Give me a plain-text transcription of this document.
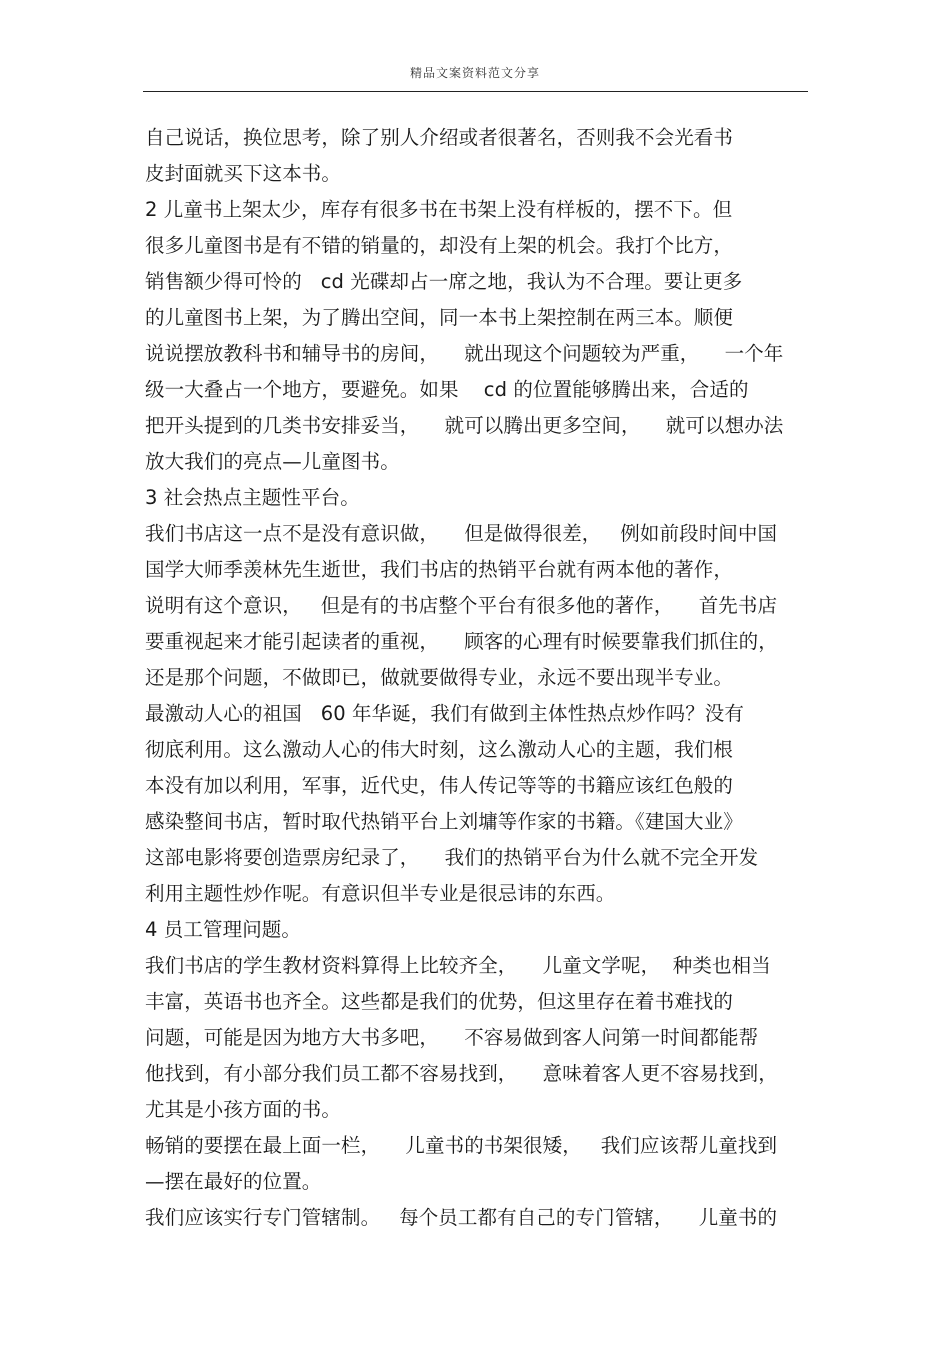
精品文案资料范文分享
自己说话，换位思考，除了别人介绍或者很著名，否则我不会光看书
皮封面就买下这本书。
2 儿童书上架太少，库存有很多书在书架上没有样板的，摆不下。但
很多儿童图书是有不错的销量的，却没有上架的机会。我打个比方，
销售额少得可怜的   cd 光碟却占一席之地，我认为不合理。要让更多
的儿童图书上架，为了腾出空间，同一本书上架控制在两三本。顺便
说说摆放教科书和辅导书的房间，    就出现这个问题较为严重，    一个年
级一大叠占一个地方，要避免。如果    cd 的位置能够腾出来，合适的
把开头提到的几类书安排妥当，    就可以腾出更多空间，    就可以想办法
放大我们的亮点—儿童图书。
3 社会热点主题性平台。
我们书店这一点不是没有意识做，    但是做得很差，   例如前段时间中国
国学大师季羡林先生逝世，我们书店的热销平台就有两本他的著作，
说明有这个意识，   但是有的书店整个平台有很多他的著作，    首先书店
要重视起来才能引起读者的重视，    顾客的心理有时候要靠我们抓住的，
还是那个问题，不做即已，做就要做得专业，永远不要出现半专业。
最激动人心的祖国   60 年华诞，我们有做到主体性热点炒作吗？没有
彻底利用。这么激动人心的伟大时刻，这么激动人心的主题，我们根
本没有加以利用，军事，近代史，伟人传记等等的书籍应该红色般的
感染整间书店，暂时取代热销平台上刘墉等作家的书籍。《建国大业》
这部电影将要创造票房纪录了，    我们的热销平台为什么就不完全开发
利用主题性炒作呢。有意识但半专业是很忌讳的东西。
4 员工管理问题。
我们书店的学生教材资料算得上比较齐全，    儿童文学呢，  种类也相当
丰富，英语书也齐全。这些都是我们的优势，但这里存在着书难找的
问题，可能是因为地方大书多吧，    不容易做到客人问第一时间都能帮
他找到，有小部分我们员工都不容易找到，    意味着客人更不容易找到，
尤其是小孩方面的书。
畅销的要摆在最上面一栏，    儿童书的书架很矮，   我们应该帮儿童找到
—摆在最好的位置。
我们应该实行专门管辖制。   每个员工都有自己的专门管辖，    儿童书的
